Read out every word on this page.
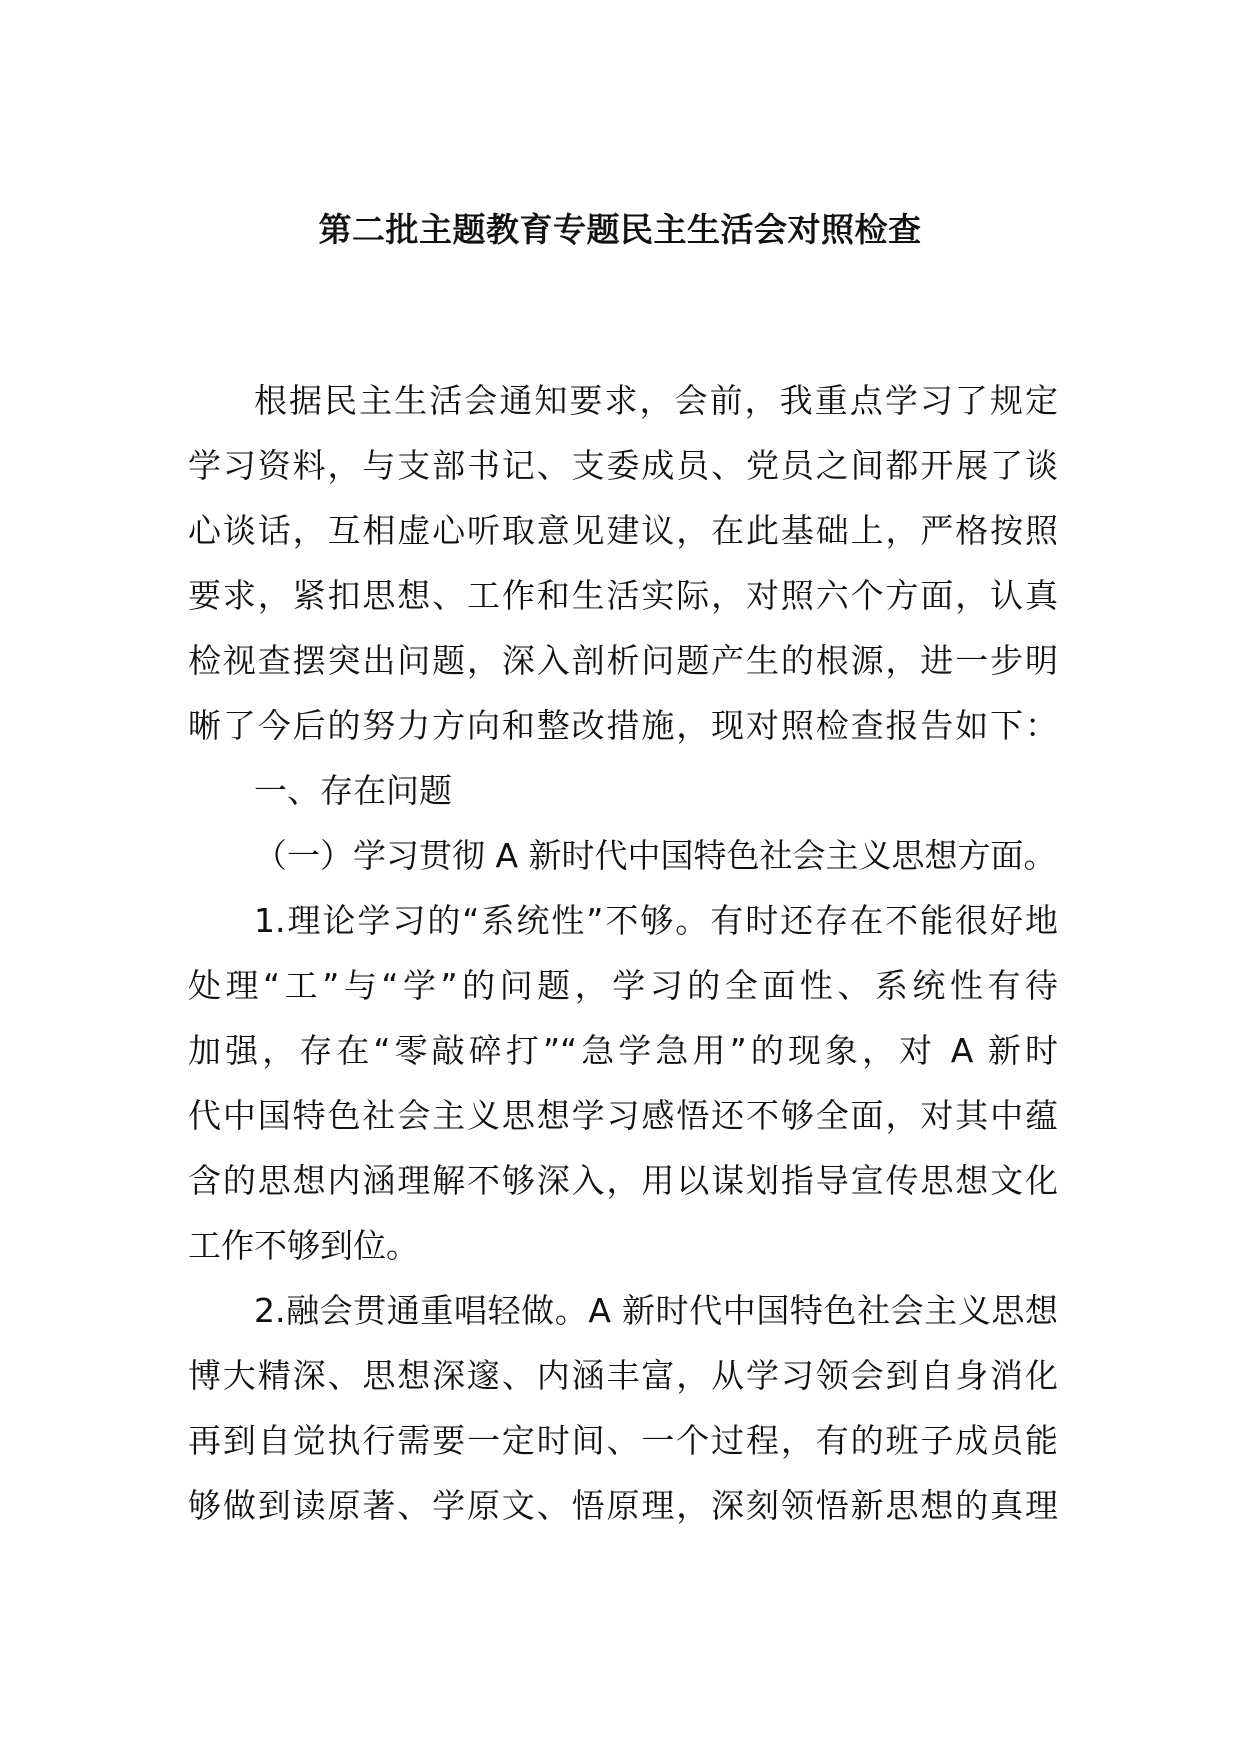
第二批主题教育专题民主生活会对照检查
根据民主生活会通知要求，会前，我重点学习了规定
学习资料，与支部书记、支委成员、党员之间都开展了谈
心谈话，互相虚心听取意见建议，在此基础上，严格按照
要求，紧扣思想、工作和生活实际，对照六个方面，认真
检视查摆突出问题，深入剖析问题产生的根源，进一步明
晰了今后的努力方向和整改措施，现对照检查报告如下：
一、存在问题
（一）学习贯彻 A 新时代中国特色社会主义思想方面。
1.理论学习的“系统性”不够。有时还存在不能很好地
处理“工”与“学”的问题，学习的全面性、系统性有待
加强，存在“零敲碎打”“急学急用”的现象，对 A 新时
代中国特色社会主义思想学习感悟还不够全面，对其中蕴
含的思想内涵理解不够深入，用以谋划指导宣传思想文化
工作不够到位。
2.融会贯通重唱轻做。A 新时代中国特色社会主义思想
博大精深、思想深邃、内涵丰富，从学习领会到自身消化
再到自觉执行需要一定时间、一个过程，有的班子成员能
够做到读原著、学原文、悟原理，深刻领悟新思想的真理
